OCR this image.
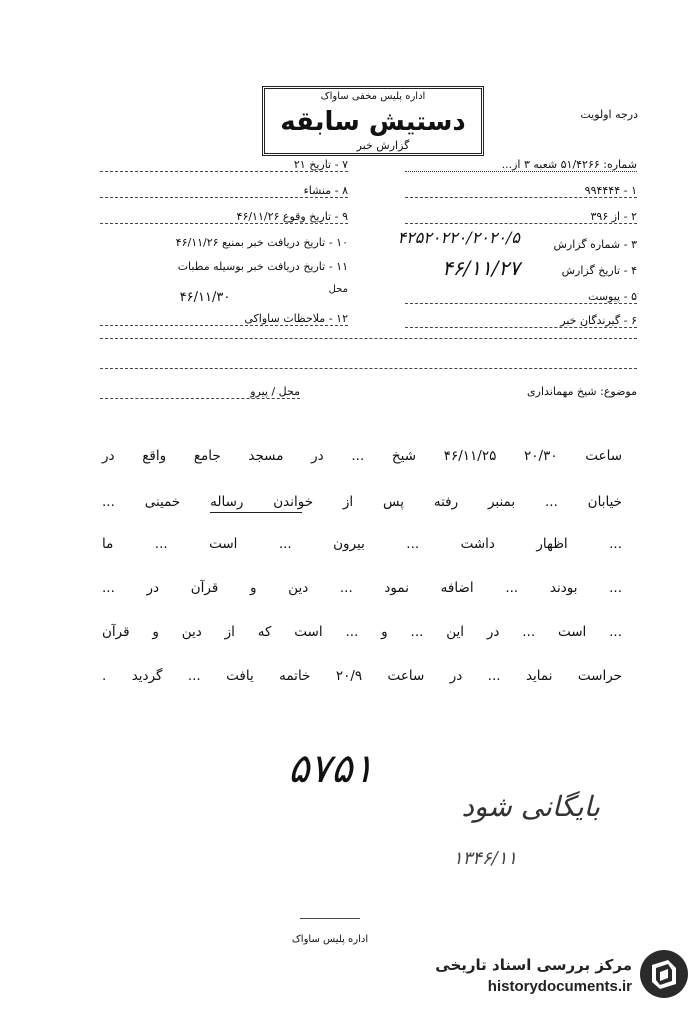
درجه اولویت
اداره پلیس مخفی ساواک
دستیش سابقه
گزارش خبر
شماره: ۵۱/۴۲۶۶ شعبه ۳ از...
۱ - ۹۹۴۴۴۴
۲ - از ۳۹۶
۳ - شماره گزارش
۴۲۵۲۰۲۲۰/۲۰۲۰/۵
۴ - تاریخ گزارش
۴۶/۱۱/۲۷
۵ - پیوست
۶ - گیرندگان خبر
۷ - تاریخ ۲۱
۸ - منشاء
۹ - تاریخ وقوع ۴۶/۱۱/۲۶
۱۰ - تاریخ دریافت خبر بمنبع ۴۶/۱۱/۲۶
۱۱ - تاریخ دریافت خبر بوسیله مطبات
محل
۴۶/۱۱/۳۰
۱۲ - ملاحظات ساواکی
موضوع: شیخ مهمانداری
محل / پیرو
ساعت ۲۰/۳۰ ۴۶/۱۱/۲۵ شیخ ... در مسجد جامع واقع در
خیابان ... بمنبر رفته پس از خواندن رساله خمینی ...
... اظهار داشت ... بیرون ... است ... ما
... بودند ... اضافه نمود ... دین و قرآن در ...
... است ... در این ... و ... است که از دین و قرآن
حراست نماید ... در ساعت ۲۰/۹ خاتمه یافت ... گردید .
۵۷۵۱
بایگانی شود
۱۳۴۶/۱۱
اداره پلیس ساواک
مرکز بررسی اسناد تاریخی
historydocuments.ir
